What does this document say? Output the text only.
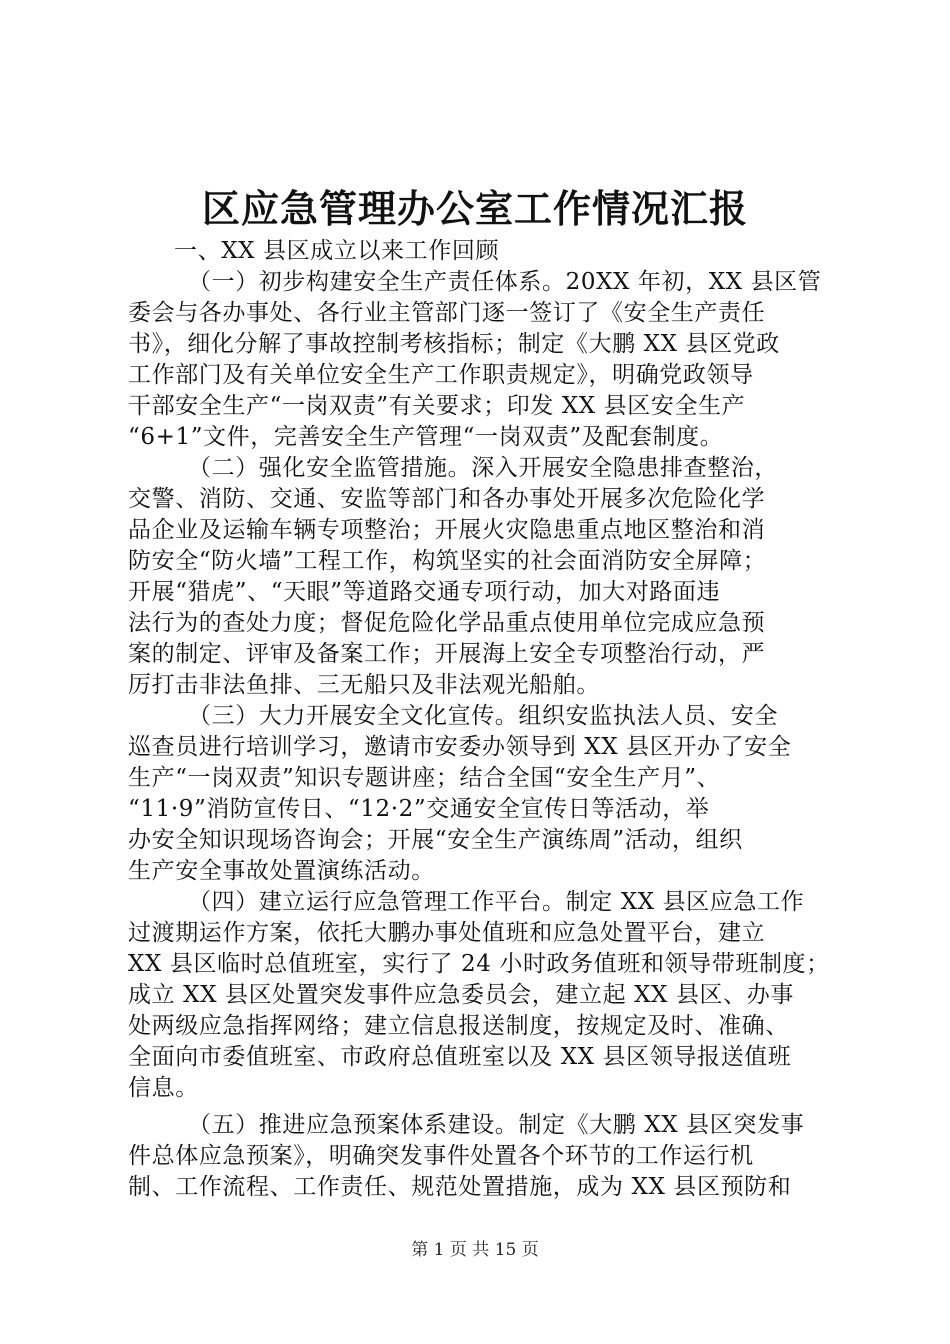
区应急管理办公室工作情况汇报
一、XX 县区成立以来工作回顾
（一）初步构建安全生产责任体系。20XX 年初，XX 县区管
委会与各办事处、各行业主管部门逐一签订了《安全生产责任
书》，细化分解了事故控制考核指标；制定《大鹏 XX 县区党政
工作部门及有关单位安全生产工作职责规定》，明确党政领导
干部安全生产“一岗双责”有关要求；印发 XX 县区安全生产
“6+1”文件，完善安全生产管理“一岗双责”及配套制度。
（二）强化安全监管措施。深入开展安全隐患排查整治，
交警、消防、交通、安监等部门和各办事处开展多次危险化学
品企业及运输车辆专项整治；开展火灾隐患重点地区整治和消
防安全“防火墙”工程工作，构筑坚实的社会面消防安全屏障；
开展“猎虎”、“天眼”等道路交通专项行动，加大对路面违
法行为的查处力度；督促危险化学品重点使用单位完成应急预
案的制定、评审及备案工作；开展海上安全专项整治行动，严
厉打击非法鱼排、三无船只及非法观光船舶。
（三）大力开展安全文化宣传。组织安监执法人员、安全
巡查员进行培训学习，邀请市安委办领导到 XX 县区开办了安全
生产“一岗双责”知识专题讲座；结合全国“安全生产月”、
“11·9”消防宣传日、“12·2”交通安全宣传日等活动，举
办安全知识现场咨询会；开展“安全生产演练周”活动，组织
生产安全事故处置演练活动。
（四）建立运行应急管理工作平台。制定 XX 县区应急工作
过渡期运作方案，依托大鹏办事处值班和应急处置平台，建立
XX 县区临时总值班室，实行了 24 小时政务值班和领导带班制度；
成立 XX 县区处置突发事件应急委员会，建立起 XX 县区、办事
处两级应急指挥网络；建立信息报送制度，按规定及时、准确、
全面向市委值班室、市政府总值班室以及 XX 县区领导报送值班
信息。
（五）推进应急预案体系建设。制定《大鹏 XX 县区突发事
件总体应急预案》，明确突发事件处置各个环节的工作运行机
制、工作流程、工作责任、规范处置措施，成为 XX 县区预防和
第 1 页 共 15 页
